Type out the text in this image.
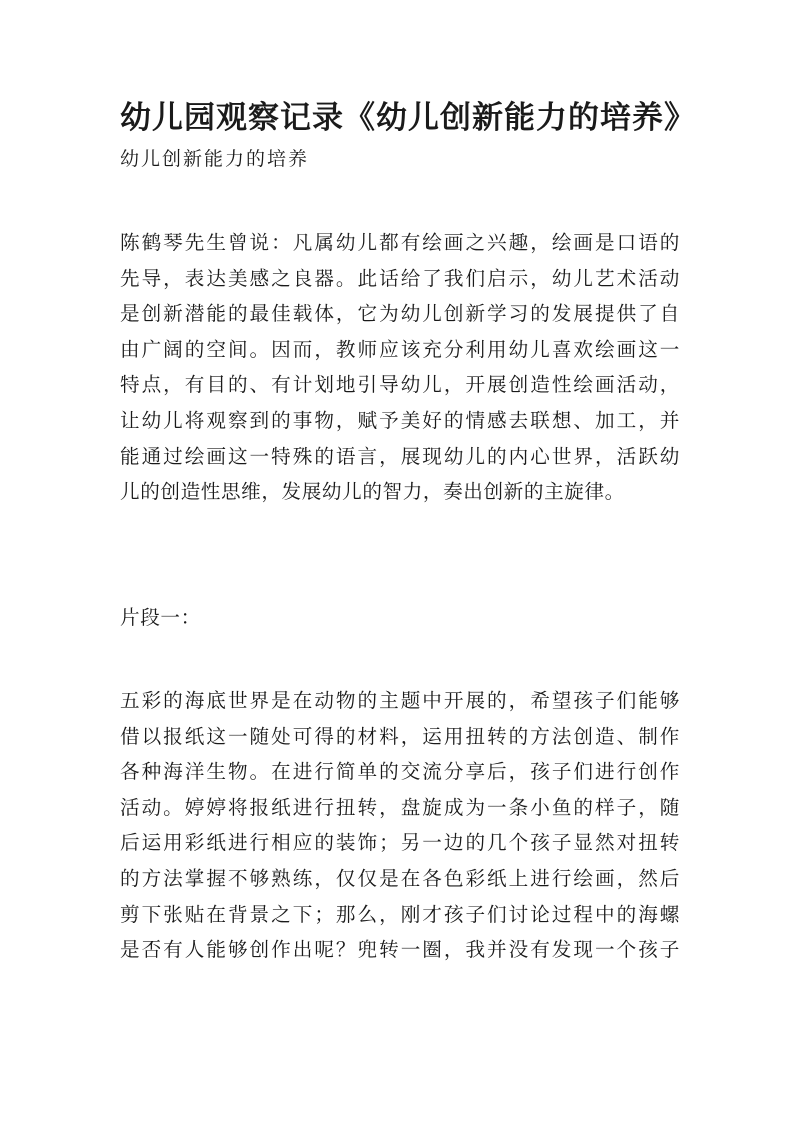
幼儿园观察记录《幼儿创新能力的培养》
幼儿创新能力的培养
陈鹤琴先生曾说：凡属幼儿都有绘画之兴趣，绘画是口语的
先导，表达美感之良器。此话给了我们启示，幼儿艺术活动
是创新潜能的最佳载体，它为幼儿创新学习的发展提供了自
由广阔的空间。因而，教师应该充分利用幼儿喜欢绘画这一
特点，有目的、有计划地引导幼儿，开展创造性绘画活动，
让幼儿将观察到的事物，赋予美好的情感去联想、加工，并
能通过绘画这一特殊的语言，展现幼儿的内心世界，活跃幼
儿的创造性思维，发展幼儿的智力，奏出创新的主旋律。
片段一：
五彩的海底世界是在动物的主题中开展的，希望孩子们能够
借以报纸这一随处可得的材料，运用扭转的方法创造、制作
各种海洋生物。在进行简单的交流分享后，孩子们进行创作
活动。婷婷将报纸进行扭转，盘旋成为一条小鱼的样子，随
后运用彩纸进行相应的装饰；另一边的几个孩子显然对扭转
的方法掌握不够熟练，仅仅是在各色彩纸上进行绘画，然后
剪下张贴在背景之下；那么，刚才孩子们讨论过程中的海螺
是否有人能够创作出呢？兜转一圈，我并没有发现一个孩子
